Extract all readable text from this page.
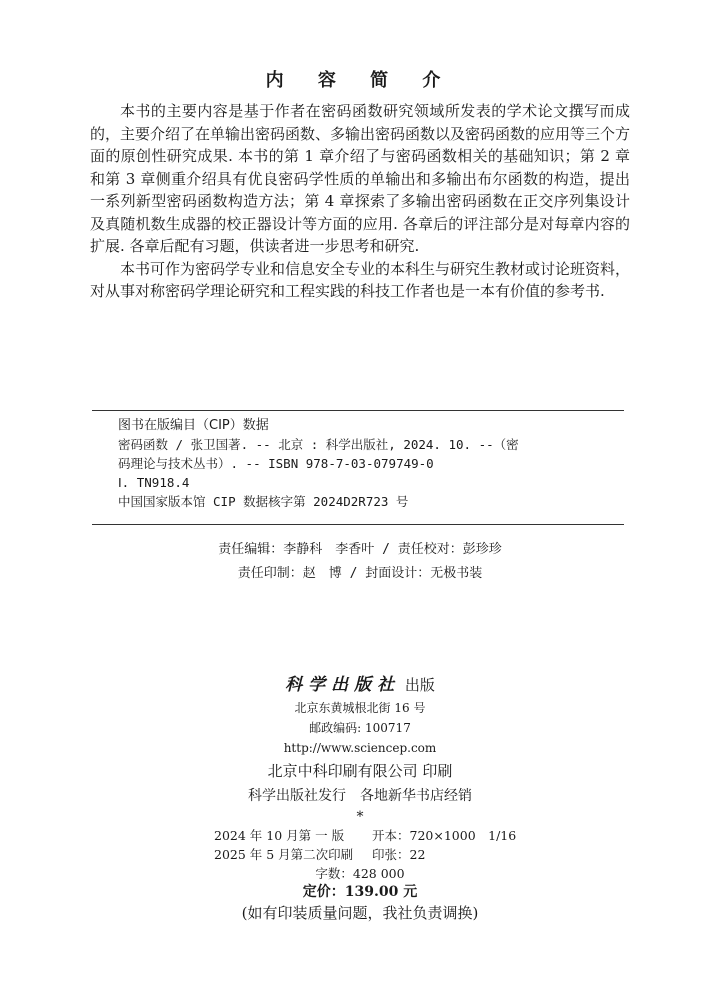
内 容 简 介

本书的主要内容是基于作者在密码函数研究领域所发表的学术论文撰写而成的，主要介绍了在单输出密码函数、多输出密码函数以及密码函数的应用等三个方面的原创性研究成果. 本书的第 1 章介绍了与密码函数相关的基础知识；第 2 章和第 3 章侧重介绍具有优良密码学性质的单输出和多输出布尔函数的构造，提出一系列新型密码函数构造方法；第 4 章探索了多输出密码函数在正交序列集设计及真随机数生成器的校正器设计等方面的应用. 各章后的评注部分是对每章内容的扩展. 各章后配有习题，供读者进一步思考和研究.

本书可作为密码学专业和信息安全专业的本科生与研究生教材或讨论班资料，对从事对称密码学理论研究和工程实践的科技工作者也是一本有价值的参考书.

图书在版编目（CIP）数据
密码函数 / 张卫国著. -- 北京 : 科学出版社, 2024. 10. --（密
码理论与技术丛书）. -- ISBN 978-7-03-079749-0
Ⅰ. TN918.4
中国国家版本馆 CIP 数据核字第 2024D2R723 号
责任编辑：李静科　李香叶 / 责任校对：彭珍珍
责任印制：赵　博 / 封面设计：无极书装
科学出版社 出版
北京东黄城根北街 16 号
邮政编码: 100717
http://www.sciencep.com
北京中科印刷有限公司 印刷
科学出版社发行　各地新华书店经销
*
2024 年 10 月第 一 版 开本：720×1000　1/16
2025 年 5 月第二次印刷 印张：22
字数：428 000
定价：139.00 元
(如有印装质量问题，我社负责调换)
